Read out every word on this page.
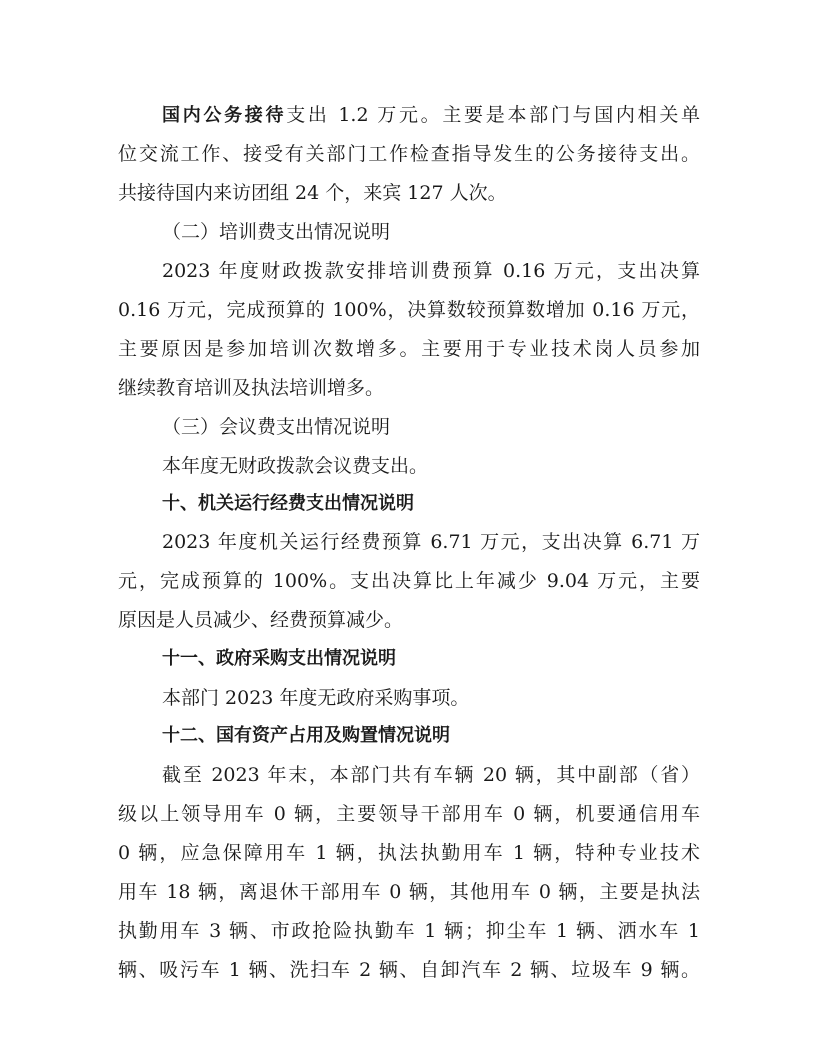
国内公务接待支出 1.2 万元。主要是本部门与国内相关单
位交流工作、接受有关部门工作检查指导发生的公务接待支出。
共接待国内来访团组 24 个，来宾 127 人次。
（二）培训费支出情况说明
2023 年度财政拨款安排培训费预算 0.16 万元，支出决算
0.16 万元，完成预算的 100%，决算数较预算数增加 0.16 万元，
主要原因是参加培训次数增多。主要用于专业技术岗人员参加
继续教育培训及执法培训增多。
（三）会议费支出情况说明
本年度无财政拨款会议费支出。
十、机关运行经费支出情况说明
2023 年度机关运行经费预算 6.71 万元，支出决算 6.71 万
元，完成预算的 100%。支出决算比上年减少 9.04 万元，主要
原因是人员减少、经费预算减少。
十一、政府采购支出情况说明
本部门 2023 年度无政府采购事项。
十二、国有资产占用及购置情况说明
截至 2023 年末，本部门共有车辆 20 辆，其中副部（省）
级以上领导用车 0 辆，主要领导干部用车 0 辆，机要通信用车
0 辆，应急保障用车 1 辆，执法执勤用车 1 辆，特种专业技术
用车 18 辆，离退休干部用车 0 辆，其他用车 0 辆，主要是执法
执勤用车 3 辆、市政抢险执勤车 1 辆；抑尘车 1 辆、洒水车 1
辆、吸污车 1 辆、洗扫车 2 辆、自卸汽车 2 辆、垃圾车 9 辆。
